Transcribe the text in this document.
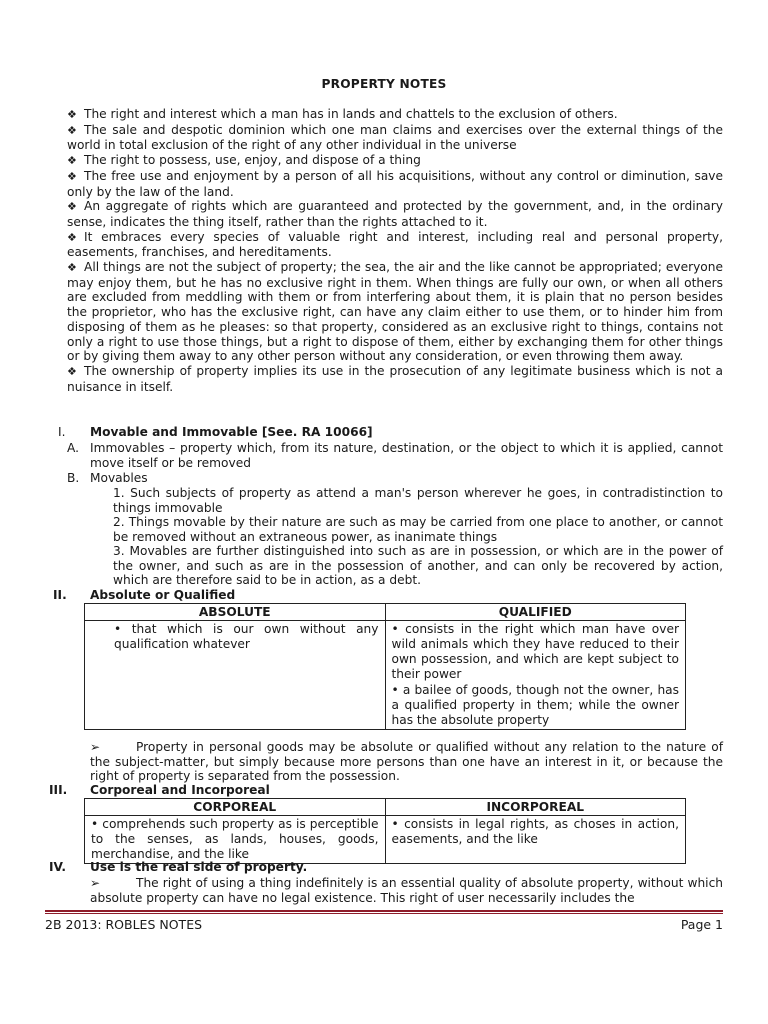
PROPERTY NOTES

❖ The right and interest which a man has in lands and chattels to the exclusion of others.

❖ The sale and despotic dominion which one man claims and exercises over the external things of the world in total exclusion of the right of any other individual in the universe

❖ The right to possess, use, enjoy, and dispose of a thing

❖ The free use and enjoyment by a person of all his acquisitions, without any control or diminution, save only by the law of the land.

❖ An aggregate of rights which are guaranteed and protected by the government, and, in the ordinary sense, indicates the thing itself, rather than the rights attached to it.

❖ It embraces every species of valuable right and interest, including real and personal property, easements, franchises, and hereditaments.

❖ All things are not the subject of property; the sea, the air and the like cannot be appropriated; everyone may enjoy them, but he has no exclusive right in them. When things are fully our own, or when all others are excluded from meddling with them or from interfering about them, it is plain that no person besides the proprietor, who has the exclusive right, can have any claim either to use them, or to hinder him from disposing of them as he pleases: so that property, considered as an exclusive right to things, contains not only a right to use those things, but a right to dispose of them, either by exchanging them for other things or by giving them away to any other person without any consideration, or even throwing them away.

❖ The ownership of property implies its use in the prosecution of any legitimate business which is not a nuisance in itself.

I. Movable and Immovable [See. RA 10066]
A. Immovables – property which, from its nature, destination, or the object to which it is applied, cannot move itself or be removed
B. Movables
1. Such subjects of property as attend a man's person wherever he goes, in contradistinction to things immovable
2. Things movable by their nature are such as may be carried from one place to another, or cannot be removed without an extraneous power, as inanimate things
3. Movables are further distinguished into such as are in possession, or which are in the power of the owner, and such as are in the possession of another, and can only be recovered by action, which are therefore said to be in action, as a debt.
II. Absolute or Qualified
ABSOLUTE	QUALIFIED

• that which is our own without any qualification whatever	• consists in the right which man have over wild animals which they have reduced to their own possession, and which are kept subject to their power
• a bailee of goods, though not the owner, has a qualified property in them; while the owner has the absolute property
➢	Property in personal goods may be absolute or qualified without any relation to the nature of the subject-matter, but simply because more persons than one have an interest in it, or because the right of property is separated from the possession.
III. Corporeal and Incorporeal
CORPOREAL	INCORPOREAL

• comprehends such property as is perceptible to the senses, as lands, houses, goods, merchandise, and the like	• consists in legal rights, as choses in action, easements, and the like
IV. Use is the real side of property.
➢	The right of using a thing indefinitely is an essential quality of absolute property, without which absolute property can have no legal existence. This right of user necessarily includes the
2B 2013: ROBLES NOTES	Page 1
